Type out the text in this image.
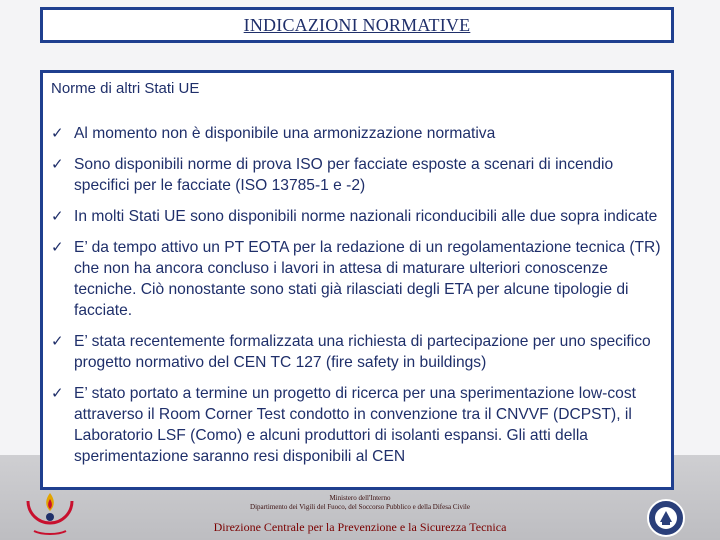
INDICAZIONI NORMATIVE
Norme di altri Stati UE
✓ Al momento non è disponibile una armonizzazione normativa
✓ Sono disponibili norme di prova ISO per facciate esposte a scenari di incendio specifici per le facciate (ISO 13785-1 e -2)
✓ In molti Stati UE sono disponibili norme nazionali riconducibili alle due sopra indicate
✓ E’ da tempo attivo un PT EOTA per la redazione di un regolamentazione tecnica (TR) che non ha ancora concluso i lavori in attesa di maturare ulteriori conoscenze tecniche. Ciò nonostante sono stati già rilasciati degli ETA per alcune tipologie di facciate.
✓ E’ stata recentemente formalizzata una richiesta di partecipazione per uno specifico progetto normativo del CEN TC 127 (fire safety in buildings)
✓ E’ stato portato a termine un progetto di ricerca per una sperimentazione low-cost attraverso il Room Corner Test condotto in convenzione tra il CNVVF (DCPST), il Laboratorio LSF (Como) e alcuni produttori di isolanti espansi. Gli atti della sperimentazione saranno resi disponibili al CEN
Ministero dell'Interno
Dipartimento dei Vigili del Fuoco, del Soccorso Pubblico e della Difesa Civile
Direzione Centrale per la Prevenzione e la Sicurezza Tecnica
